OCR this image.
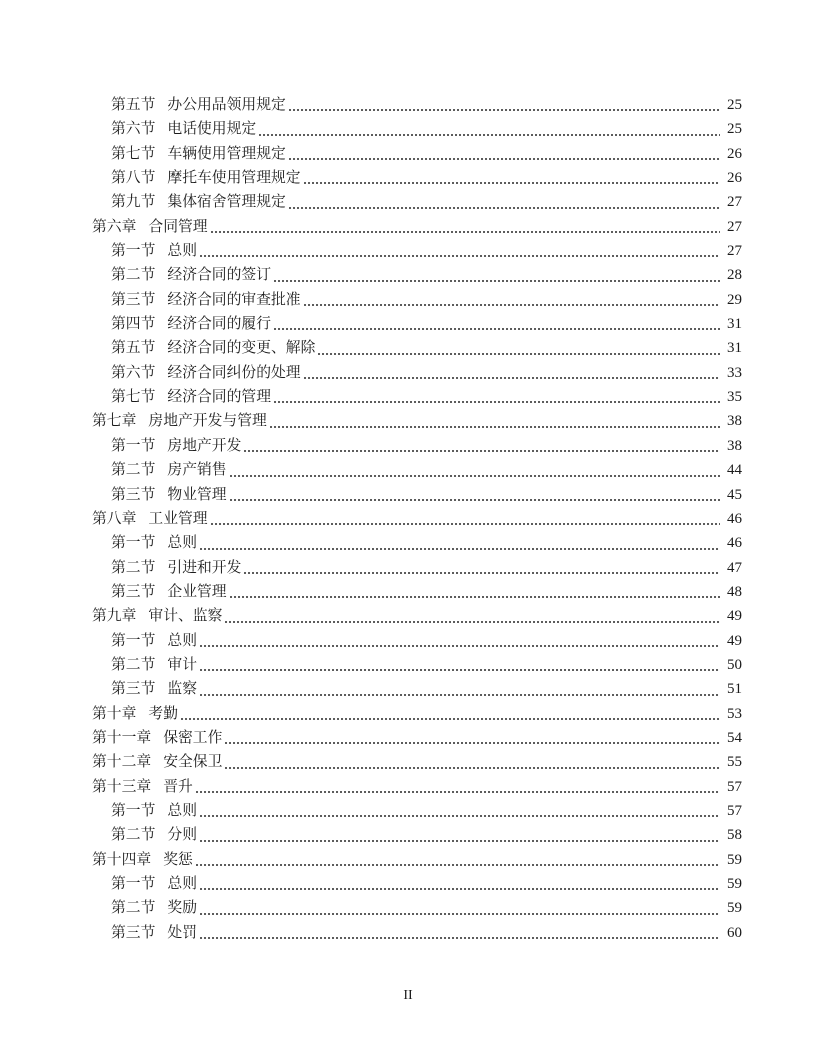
第五节 办公用品领用规定	25
第六节 电话使用规定	25
第七节 车辆使用管理规定	26
第八节 摩托车使用管理规定	26
第九节 集体宿舍管理规定	27
第六章 合同管理	27
第一节 总则	27
第二节 经济合同的签订	28
第三节 经济合同的审查批准	29
第四节 经济合同的履行	31
第五节 经济合同的变更、解除	31
第六节 经济合同纠份的处理	33
第七节 经济合同的管理	35
第七章 房地产开发与管理	38
第一节 房地产开发	38
第二节 房产销售	44
第三节 物业管理	45
第八章 工业管理	46
第一节 总则	46
第二节 引进和开发	47
第三节 企业管理	48
第九章 审计、监察	49
第一节 总则	49
第二节 审计	50
第三节 监察	51
第十章 考勤	53
第十一章 保密工作	54
第十二章 安全保卫	55
第十三章 晋升	57
第一节 总则	57
第二节 分则	58
第十四章 奖惩	59
第一节 总则	59
第二节 奖励	59
第三节 处罚	60
II
